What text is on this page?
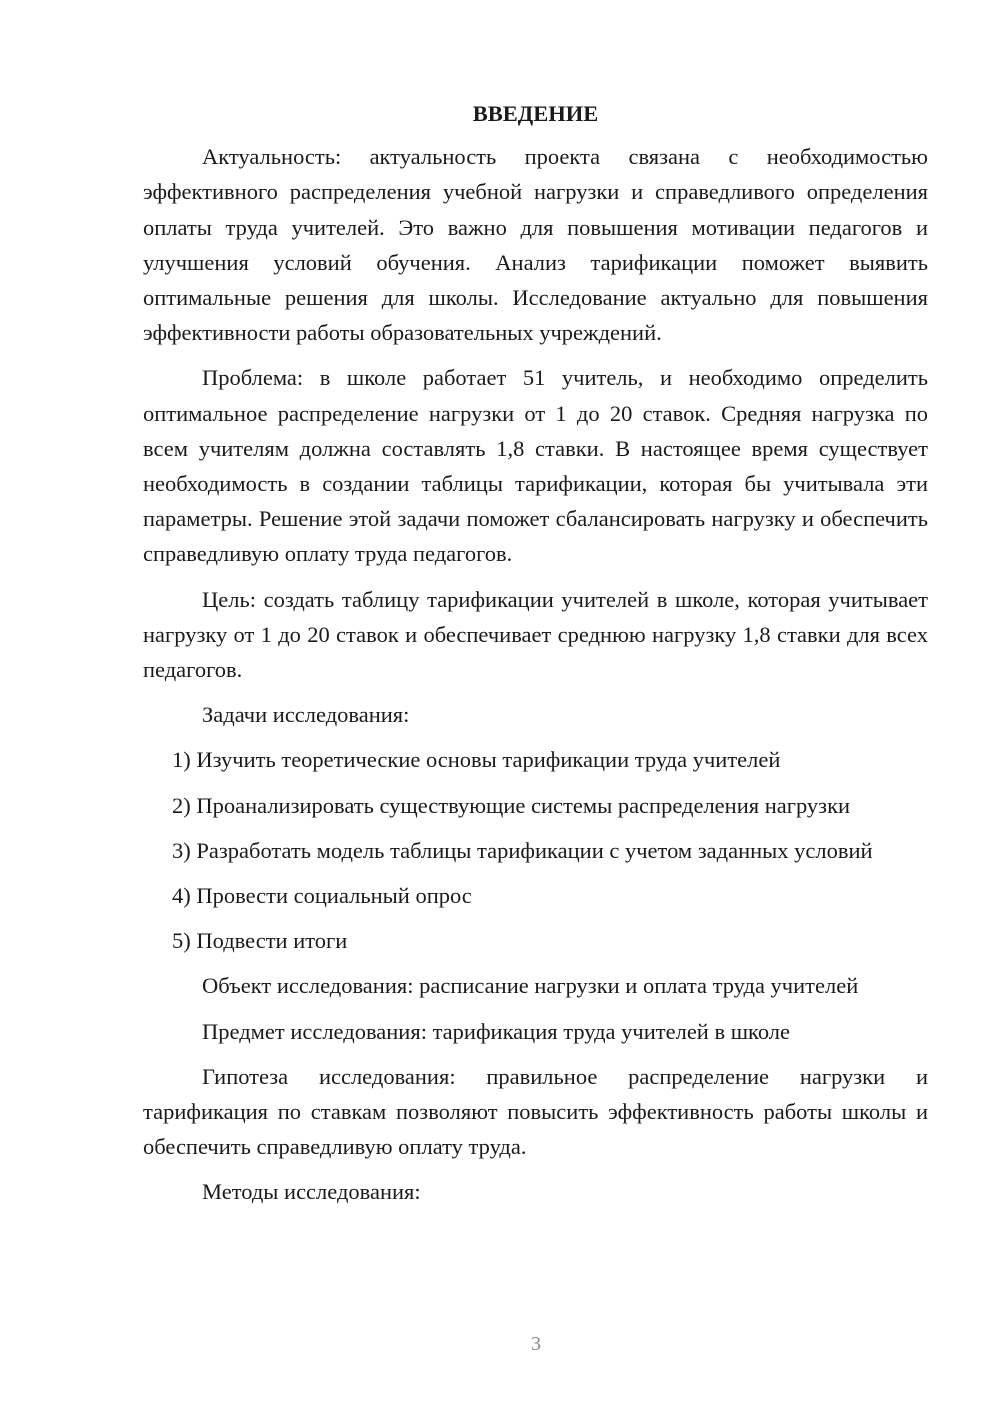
ВВЕДЕНИЕ

Актуальность: актуальность проекта связана с необходимостью эффективного распределения учебной нагрузки и справедливого определения оплаты труда учителей. Это важно для повышения мотивации педагогов и улучшения условий обучения. Анализ тарификации поможет выявить оптимальные решения для школы. Исследование актуально для повышения эффективности работы образовательных учреждений.

Проблема: в школе работает 51 учитель, и необходимо определить оптимальное распределение нагрузки от 1 до 20 ставок. Средняя нагрузка по всем учителям должна составлять 1,8 ставки. В настоящее время существует необходимость в создании таблицы тарификации, которая бы учитывала эти параметры. Решение этой задачи поможет сбалансировать нагрузку и обеспечить справедливую оплату труда педагогов.

Цель: создать таблицу тарификации учителей в школе, которая учитывает нагрузку от 1 до 20 ставок и обеспечивает среднюю нагрузку 1,8 ставки для всех педагогов.

Задачи исследования:

1) Изучить теоретические основы тарификации труда учителей

2) Проанализировать существующие системы распределения нагрузки

3) Разработать модель таблицы тарификации с учетом заданных условий

4) Провести социальный опрос

5) Подвести итоги

Объект исследования: расписание нагрузки и оплата труда учителей

Предмет исследования: тарификация труда учителей в школе

Гипотеза исследования: правильное распределение нагрузки и тарификация по ставкам позволяют повысить эффективность работы школы и обеспечить справедливую оплату труда.

Методы исследования:

3
